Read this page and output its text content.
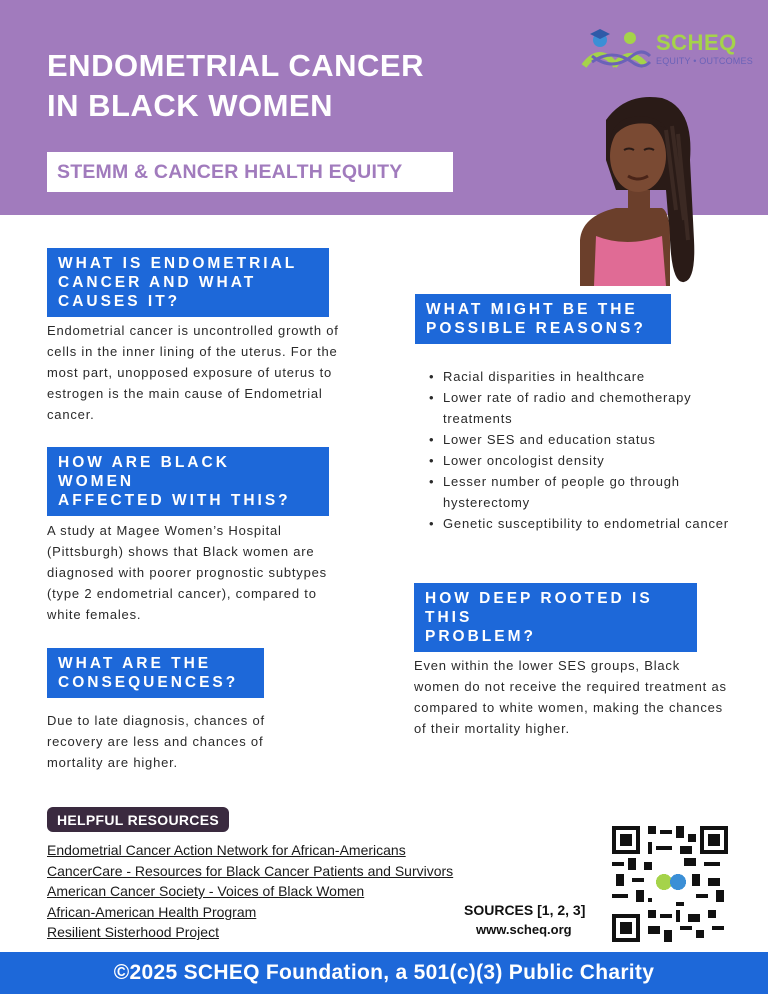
ENDOMETRIAL CANCER
IN BLACK WOMEN
STEMM & CANCER HEALTH EQUITY
SCHEQ
EQUITY • OUTCOMES
WHAT IS ENDOMETRIAL
CANCER AND WHAT
CAUSES IT?

Endometrial cancer is uncontrolled growth of cells in the inner lining of the uterus. For the most part, unopposed exposure of uterus to estrogen is the main cause of Endometrial cancer.

HOW ARE BLACK
WOMEN
AFFECTED WITH THIS?

A study at Magee Women’s Hospital (Pittsburgh) shows that Black women are diagnosed with poorer prognostic subtypes (type 2 endometrial cancer), compared to white females.

WHAT ARE THE
CONSEQUENCES?

Due to late diagnosis, chances of recovery are less and chances of mortality are higher.

WHAT MIGHT BE THE
POSSIBLE REASONS?
• Racial disparities in healthcare
• Lower rate of radio and chemotherapy treatments
• Lower SES and education status
• Lower oncologist density
• Lesser number of people go through hysterectomy
• Genetic susceptibility to endometrial cancer
HOW DEEP ROOTED IS
THIS
PROBLEM?

Even within the lower SES groups, Black women do not receive the required treatment as compared to white women, making the chances of their mortality higher.

HELPFUL RESOURCES
Endometrial Cancer Action Network for African-Americans
CancerCare - Resources for Black Cancer Patients and Survivors
American Cancer Society - Voices of Black Women
African-American Health Program
Resilient Sisterhood Project
SOURCES [1, 2, 3]
www.scheq.org
©2025 SCHEQ Foundation, a 501(c)(3) Public Charity
